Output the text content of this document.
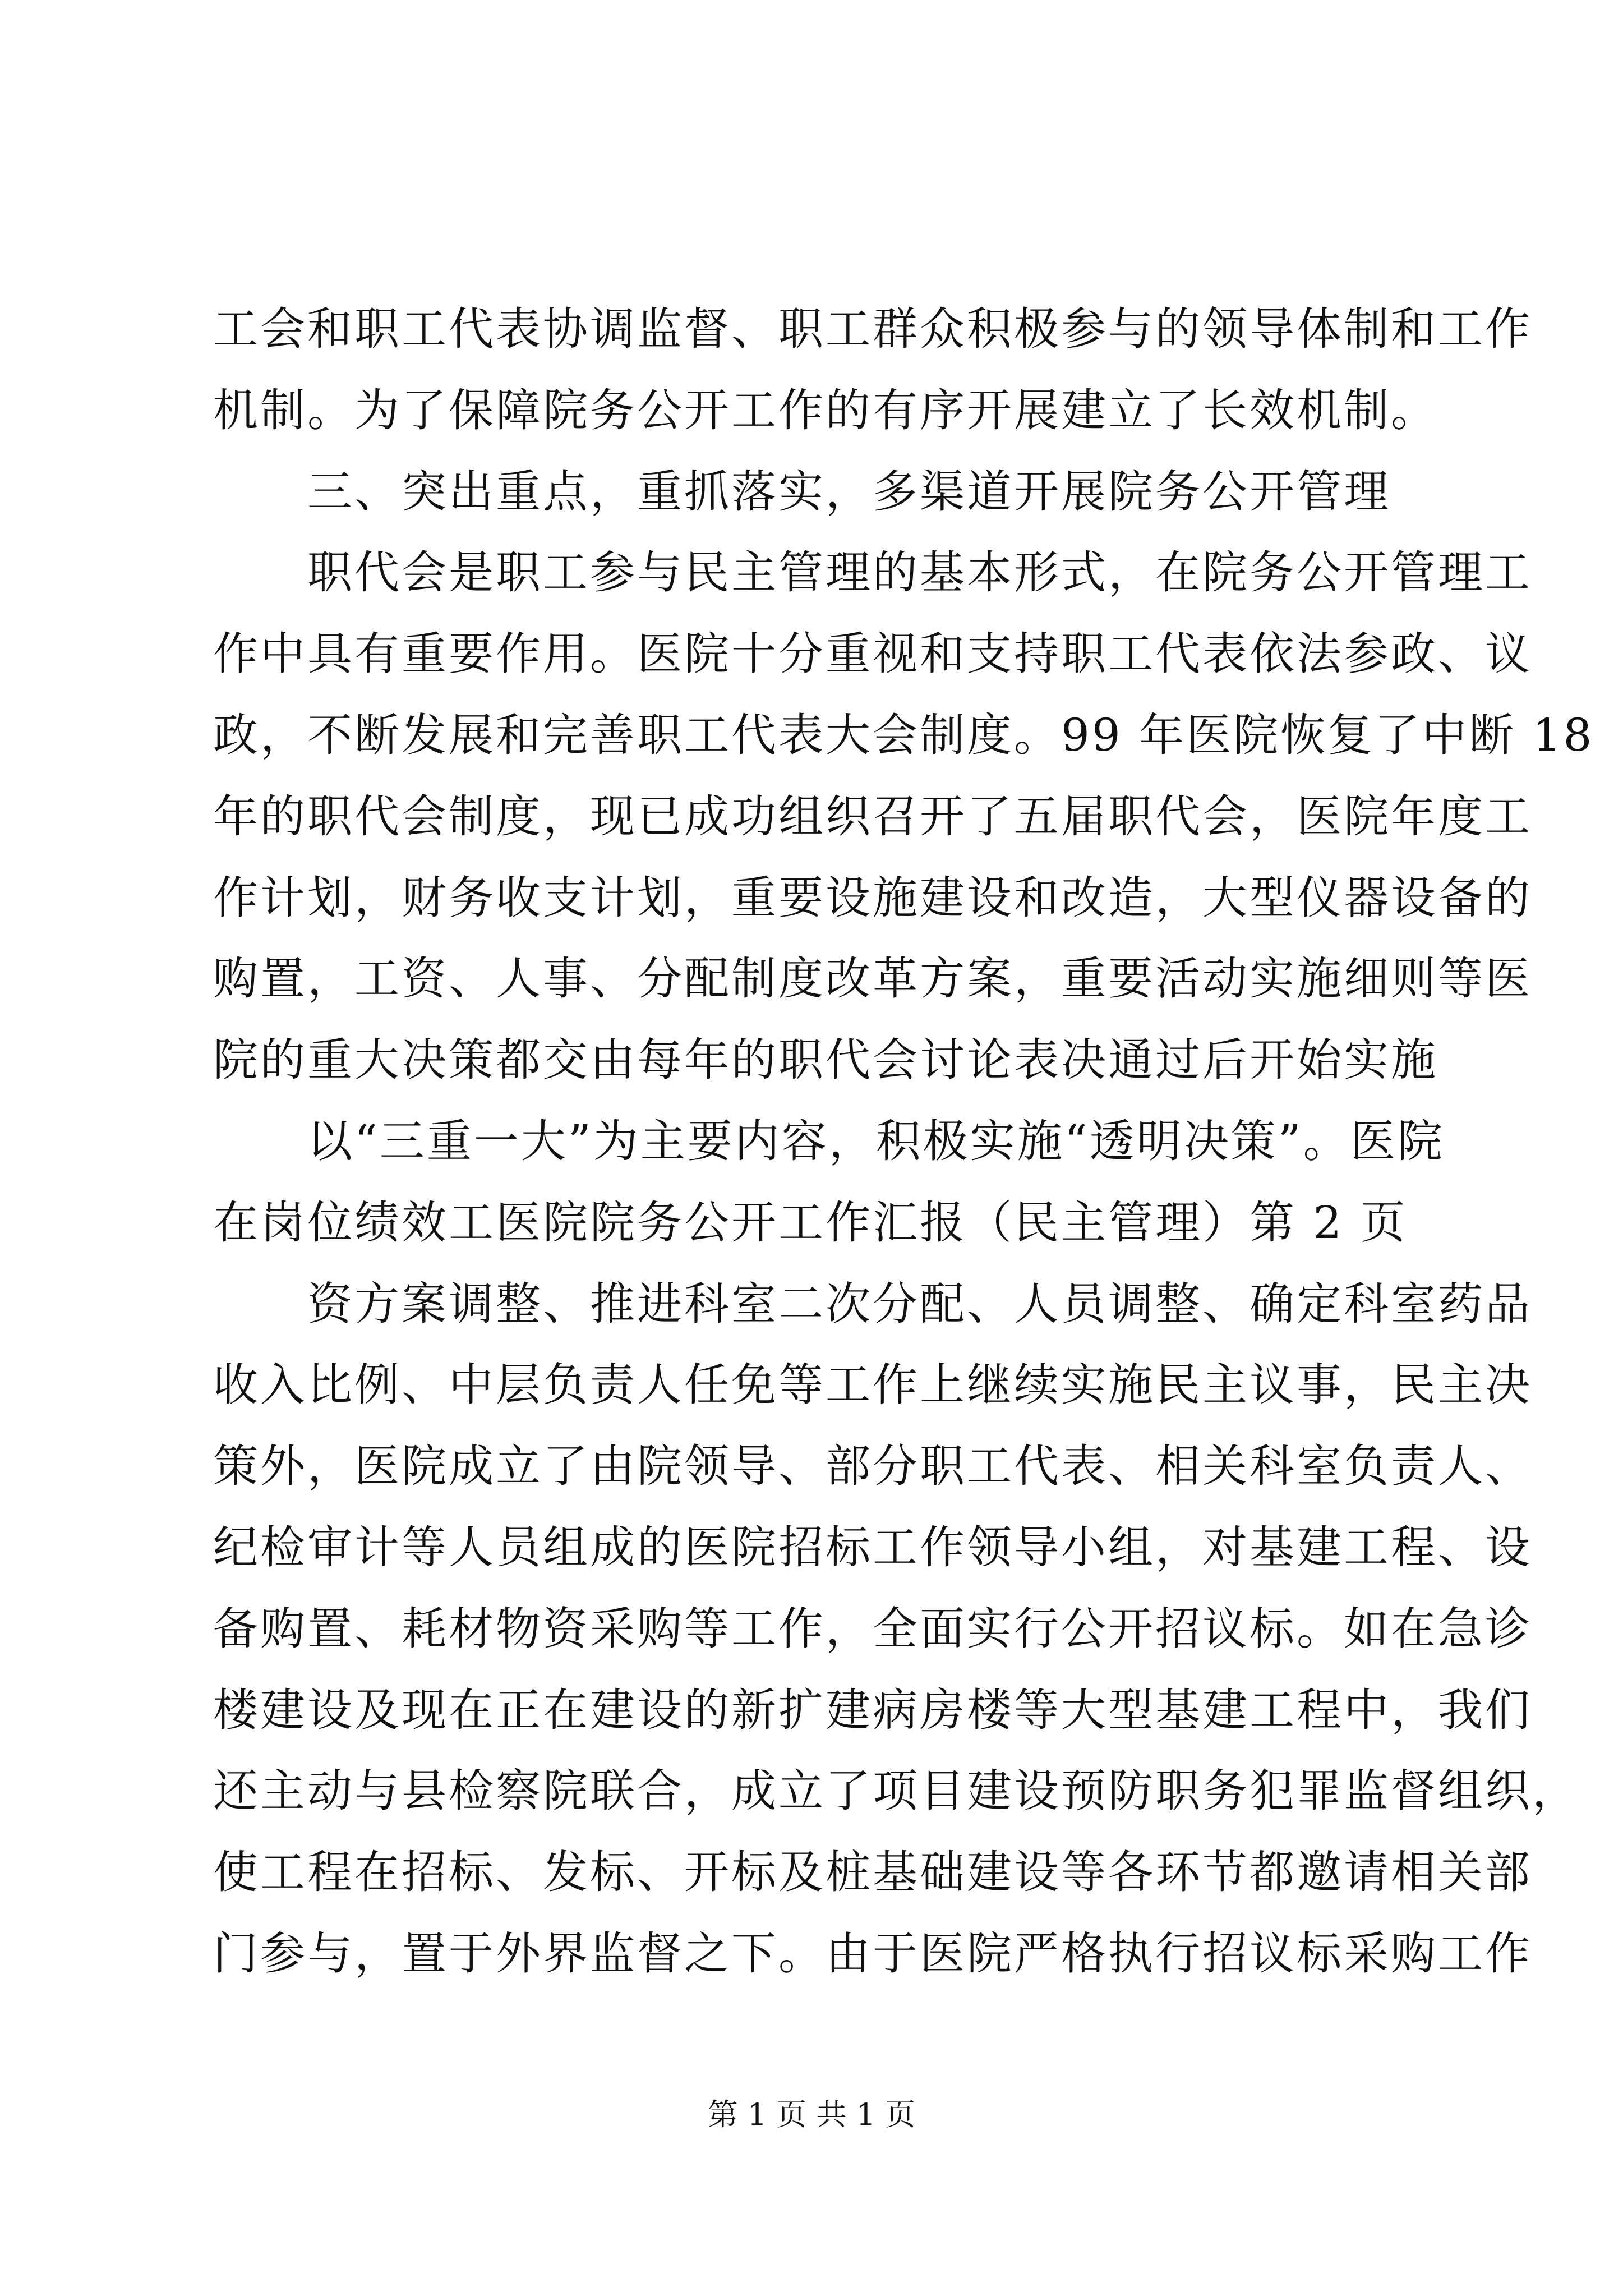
工会和职工代表协调监督、职工群众积极参与的领导体制和工作
机制。为了保障院务公开工作的有序开展建立了长效机制。
三、突出重点，重抓落实，多渠道开展院务公开管理
职代会是职工参与民主管理的基本形式，在院务公开管理工
作中具有重要作用。医院十分重视和支持职工代表依法参政、议
政，不断发展和完善职工代表大会制度。99 年医院恢复了中断 18
年的职代会制度，现已成功组织召开了五届职代会，医院年度工
作计划，财务收支计划，重要设施建设和改造，大型仪器设备的
购置，工资、人事、分配制度改革方案，重要活动实施细则等医
院的重大决策都交由每年的职代会讨论表决通过后开始实施
以“三重一大”为主要内容，积极实施“透明决策”。医院
在岗位绩效工医院院务公开工作汇报（民主管理）第 2 页
资方案调整、推进科室二次分配、人员调整、确定科室药品
收入比例、中层负责人任免等工作上继续实施民主议事，民主决
策外，医院成立了由院领导、部分职工代表、相关科室负责人、
纪检审计等人员组成的医院招标工作领导小组，对基建工程、设
备购置、耗材物资采购等工作，全面实行公开招议标。如在急诊
楼建设及现在正在建设的新扩建病房楼等大型基建工程中，我们
还主动与县检察院联合，成立了项目建设预防职务犯罪监督组织，
使工程在招标、发标、开标及桩基础建设等各环节都邀请相关部
门参与，置于外界监督之下。由于医院严格执行招议标采购工作
第 1 页 共 1 页
